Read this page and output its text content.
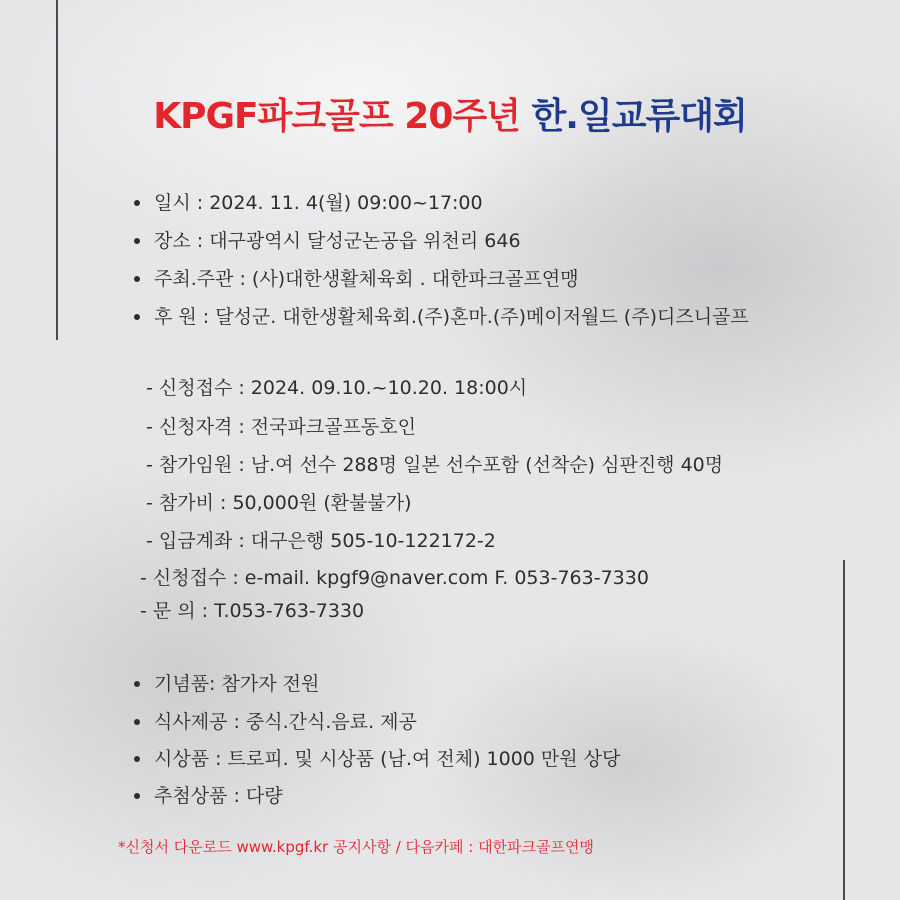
KPGF파크골프 20주년 한.일교류대회
일시 : 2024. 11. 4(월) 09:00~17:00
장소 : 대구광역시 달성군논공읍 위천리 646
주최.주관 : (사)대한생활체육회 . 대한파크골프연맹
후 원 : 달성군. 대한생활체육회.(주)혼마.(주)메이저월드 (주)디즈니골프
- 신청접수 : 2024. 09.10.~10.20. 18:00시
- 신청자격 : 전국파크골프동호인
- 참가임원 : 남.여 선수 288명 일본 선수포함 (선착순) 심판진행 40명
- 참가비 : 50,000원 (환불불가)
- 입금계좌 : 대구은행 505-10-122172-2
- 신청접수 : e-mail. kpgf9@naver.com F. 053-763-7330
- 문 의 : T.053-763-7330
기념품: 참가자 전원
식사제공 : 중식.간식.음료. 제공
시상품 : 트로피. 및 시상품 (남.여 전체) 1000 만원 상당
추첨상품 : 다량
*신청서 다운로드 www.kpgf.kr 공지사항 / 다음카페 : 대한파크골프연맹
